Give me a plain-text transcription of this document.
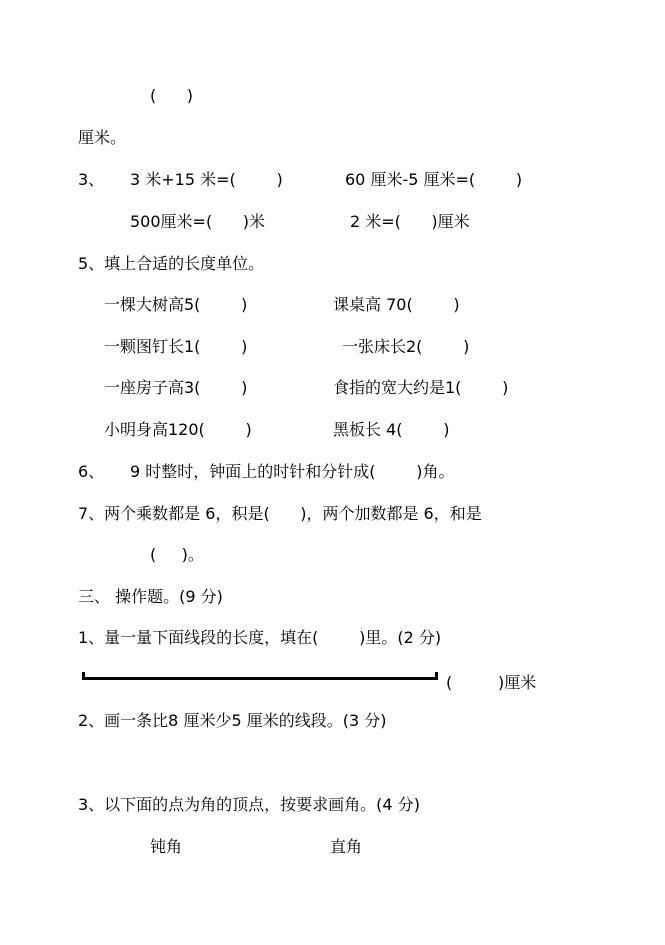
(      )
厘米。
3、 3 米+15 米=(        )	60 厘米-5 厘米=(        )
500厘米=(      )米	2 米=(      )厘米
5、填上合适的长度单位。
一棵大树高5(        )	课桌高 70(        )
一颗图钉长1(        )	一张床长2(        )
一座房子高3(        )	食指的宽大约是1(        )
小明身高120(        )	黑板长 4(        )
6、 9 时整时，钟面上的时针和分针成(        )角。
7、两个乘数都是 6，积是(      )，两个加数都是 6，和是
(     )。
三、 操作题。(9 分)
1、量一量下面线段的长度，填在(        )里。(2 分)
(         )厘米
2、画一条比8 厘米少5 厘米的线段。(3 分)
3、以下面的点为角的顶点，按要求画角。(4 分)
钝角	直角
